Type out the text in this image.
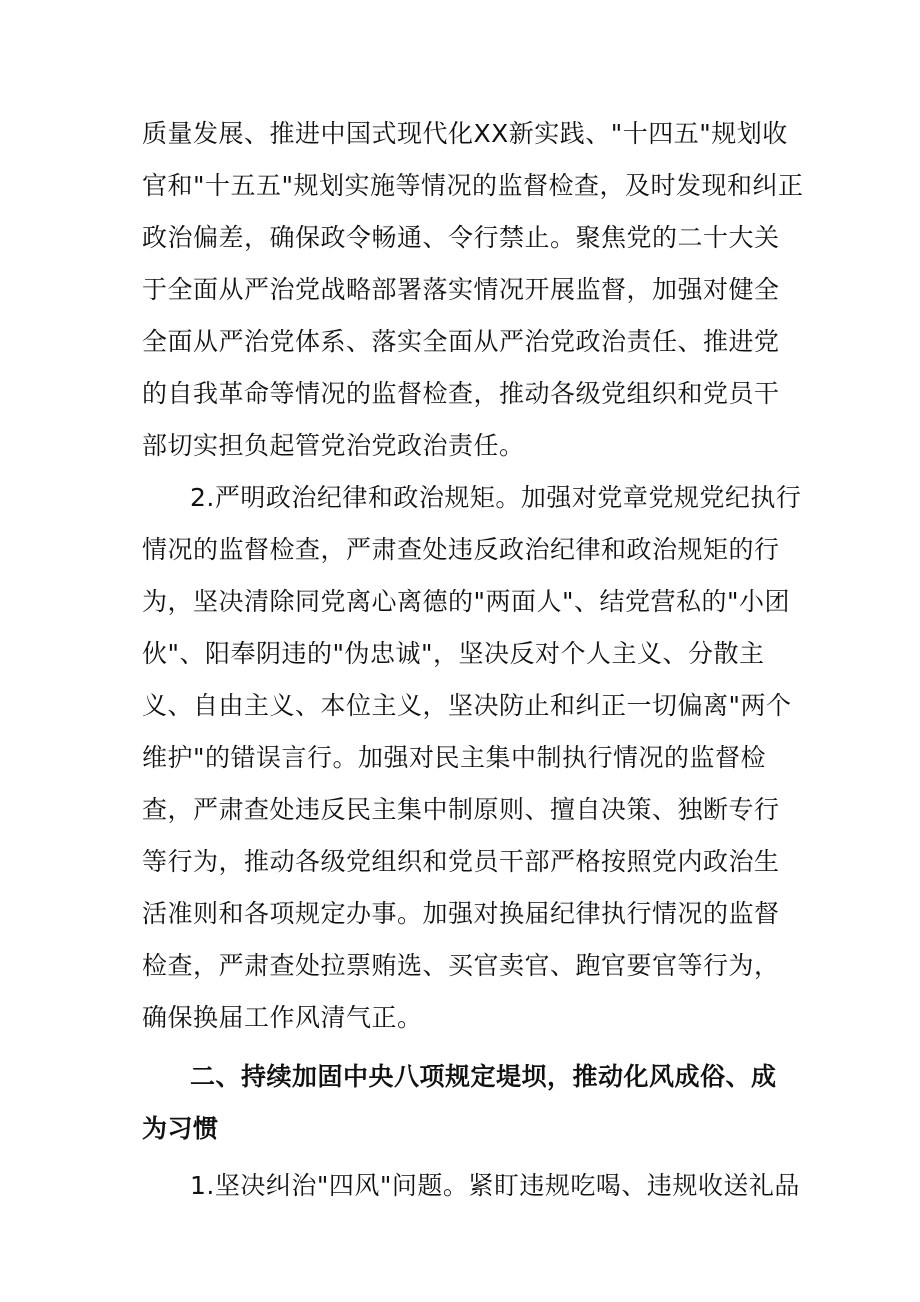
质量发展、推进中国式现代化XX新实践、"十四五"规划收
官和"十五五"规划实施等情况的监督检查，及时发现和纠正
政治偏差，确保政令畅通、令行禁止。聚焦党的二十大关
于全面从严治党战略部署落实情况开展监督，加强对健全
全面从严治党体系、落实全面从严治党政治责任、推进党
的自我革命等情况的监督检查，推动各级党组织和党员干
部切实担负起管党治党政治责任。
2.严明政治纪律和政治规矩。加强对党章党规党纪执行
情况的监督检查，严肃查处违反政治纪律和政治规矩的行
为，坚决清除同党离心离德的"两面人"、结党营私的"小团
伙"、阳奉阴违的"伪忠诚"，坚决反对个人主义、分散主
义、自由主义、本位主义，坚决防止和纠正一切偏离"两个
维护"的错误言行。加强对民主集中制执行情况的监督检
查，严肃查处违反民主集中制原则、擅自决策、独断专行
等行为，推动各级党组织和党员干部严格按照党内政治生
活准则和各项规定办事。加强对换届纪律执行情况的监督
检查，严肃查处拉票贿选、买官卖官、跑官要官等行为，
确保换届工作风清气正。
二、持续加固中央八项规定堤坝，推动化风成俗、成
为习惯
1.坚决纠治"四风"问题。紧盯违规吃喝、违规收送礼品
